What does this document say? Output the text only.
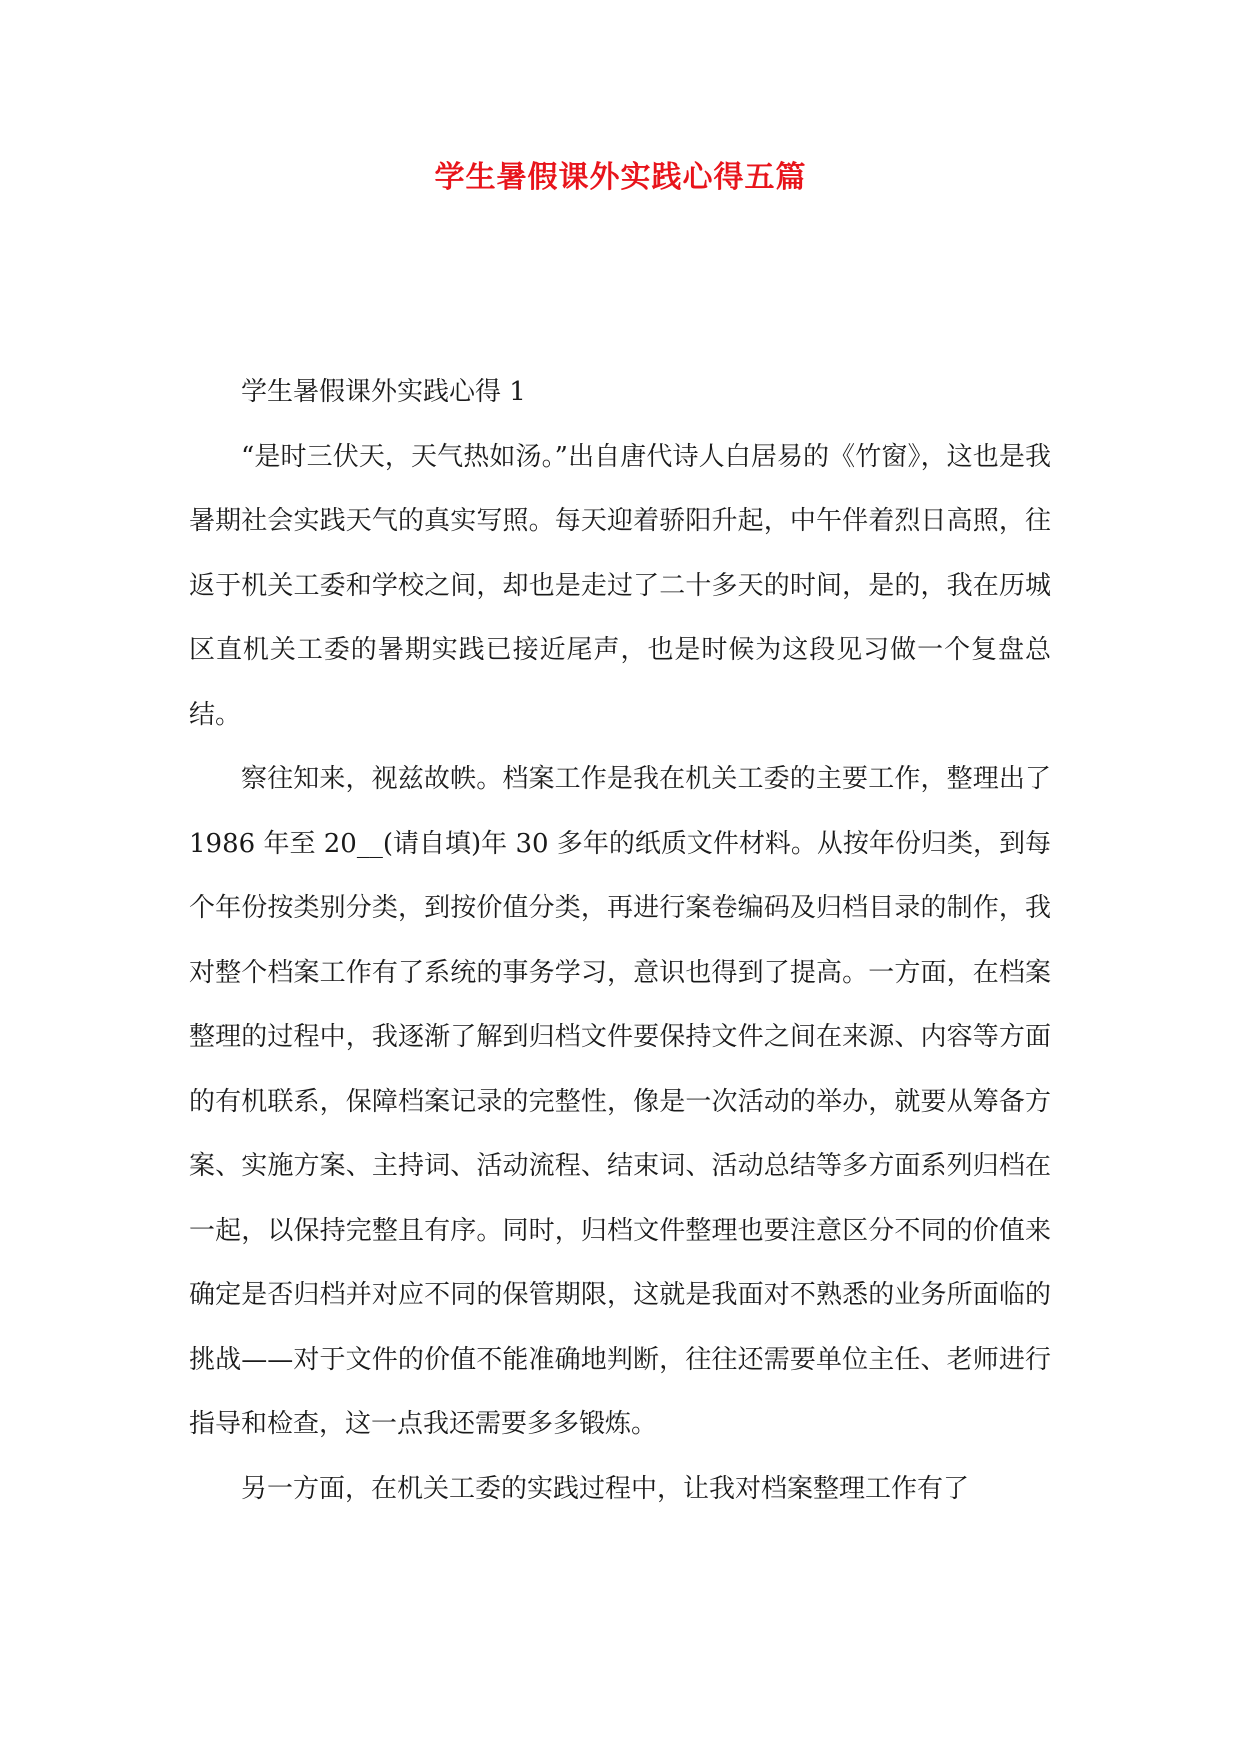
学生暑假课外实践心得五篇

学生暑假课外实践心得 1

“是时三伏天，天气热如汤。”出自唐代诗人白居易的《竹窗》，这也是我暑期社会实践天气的真实写照。每天迎着骄阳升起，中午伴着烈日高照，往返于机关工委和学校之间，却也是走过了二十多天的时间，是的，我在历城区直机关工委的暑期实践已接近尾声，也是时候为这段见习做一个复盘总结。

察往知来，视兹故帙。档案工作是我在机关工委的主要工作，整理出了 1986 年至 20__(请自填)年 30 多年的纸质文件材料。从按年份归类，到每个年份按类别分类，到按价值分类，再进行案卷编码及归档目录的制作，我对整个档案工作有了系统的事务学习，意识也得到了提高。一方面，在档案整理的过程中，我逐渐了解到归档文件要保持文件之间在来源、内容等方面的有机联系，保障档案记录的完整性，像是一次活动的举办，就要从筹备方案、实施方案、主持词、活动流程、结束词、活动总结等多方面系列归档在一起，以保持完整且有序。同时，归档文件整理也要注意区分不同的价值来确定是否归档并对应不同的保管期限，这就是我面对不熟悉的业务所面临的挑战——对于文件的价值不能准确地判断，往往还需要单位主任、老师进行指导和检查，这一点我还需要多多锻炼。

另一方面，在机关工委的实践过程中，让我对档案整理工作有了
